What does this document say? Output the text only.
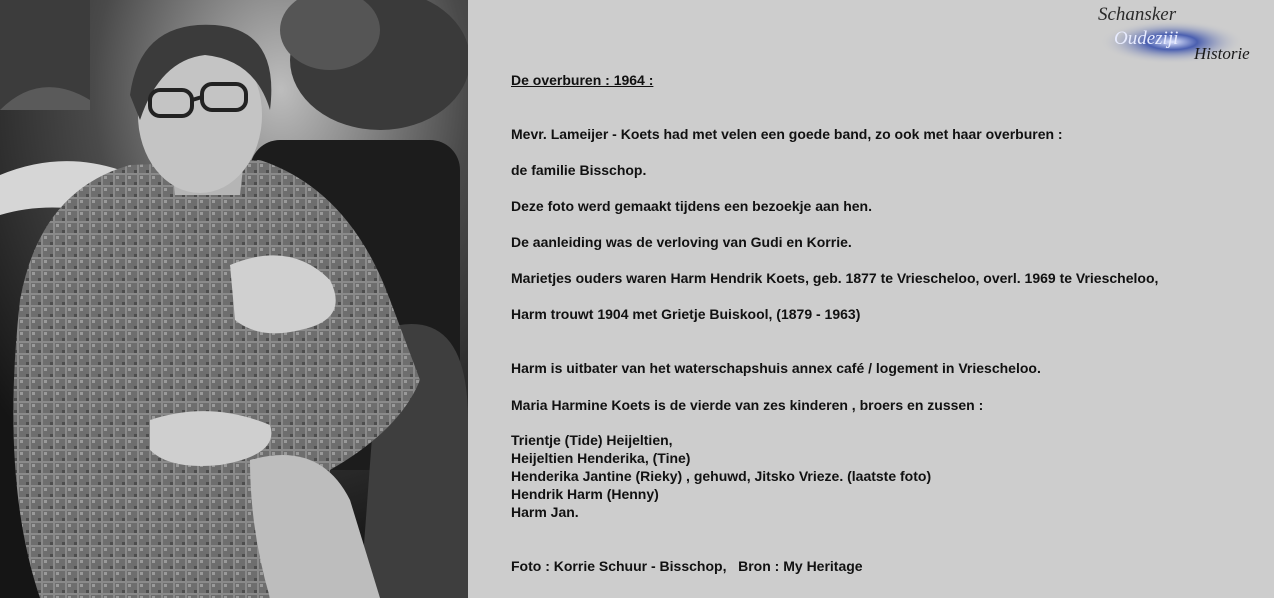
Schansker
Oudeziji
Historie
De overburen : 1964 :
Mevr. Lameijer - Koets had met velen een goede band, zo ook met haar overburen :
de familie Bisschop.
Deze foto werd gemaakt tijdens een bezoekje aan hen.
De aanleiding was de verloving van Gudi en Korrie.
Marietjes ouders waren Harm Hendrik Koets, geb. 1877 te Vriescheloo, overl. 1969 te Vriescheloo,
Harm trouwt 1904 met Grietje Buiskool, (1879 - 1963)
Harm is uitbater van het waterschapshuis annex café / logement in Vriescheloo.
Maria Harmine Koets is de vierde van zes kinderen , broers en zussen :
Trientje (Tide) Heijeltien,
Heijeltien Henderika, (Tine)
Henderika Jantine (Rieky) , gehuwd, Jitsko Vrieze. (laatste foto)
Hendrik Harm (Henny)
Harm Jan.
Foto : Korrie Schuur - Bisschop,   Bron : My Heritage
